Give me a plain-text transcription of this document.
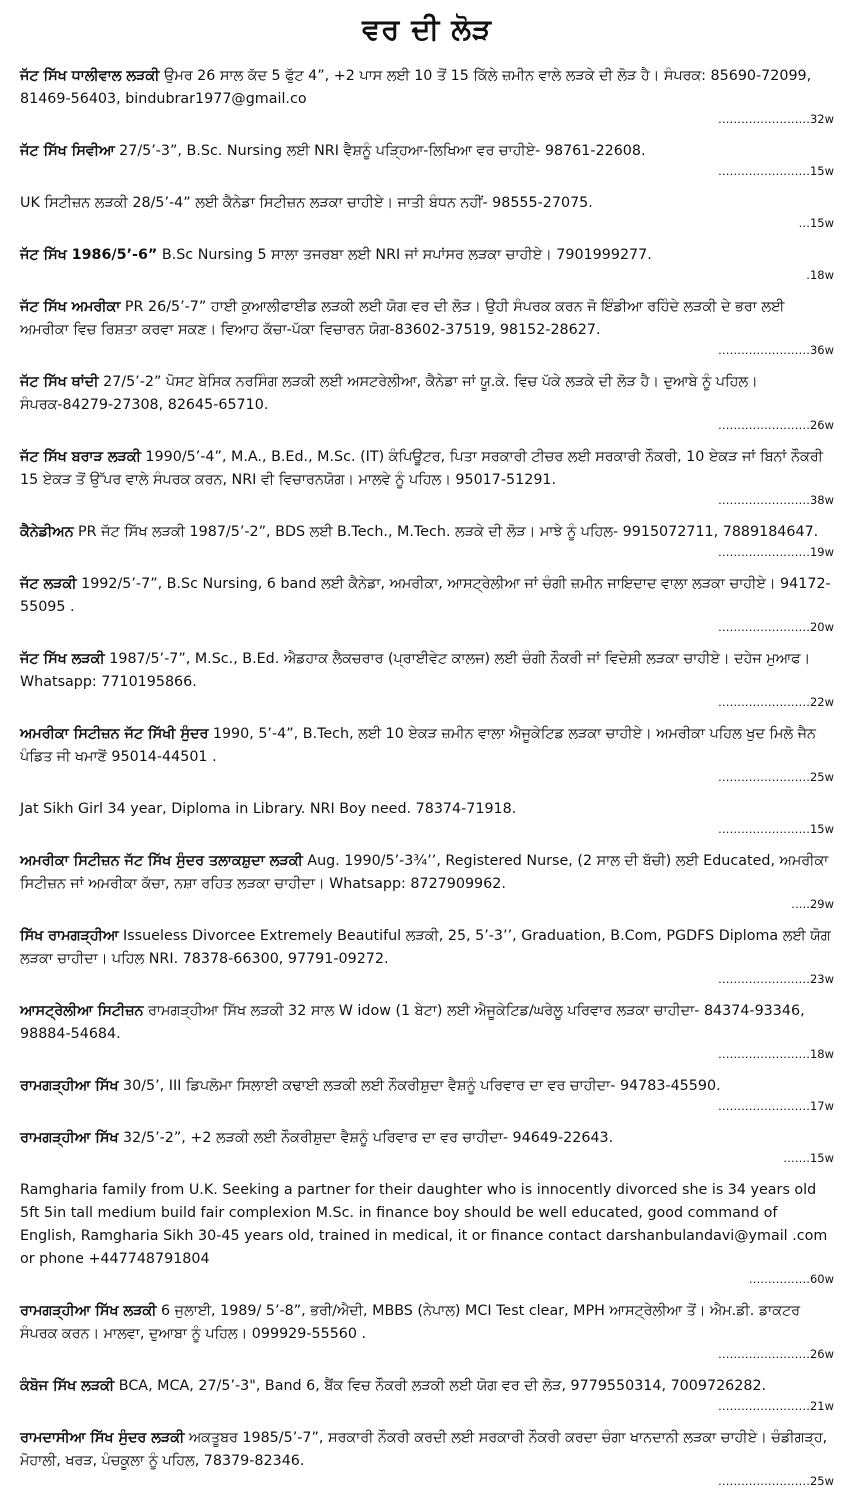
ਵਰ ਦੀ ਲੋੜ
ਜੱਟ ਸਿੱਖ ਧਾਲੀਵਾਲ ਲੜਕੀ ਉਮਰ 26 ਸਾਲ ਕੱਦ 5 ਫੁੱਟ 4”, +2 ਪਾਸ ਲਈ 10 ਤੋਂ 15 ਕਿੱਲੇ ਜ਼ਮੀਨ ਵਾਲੇ ਲੜਕੇ ਦੀ ਲੋੜ ਹੈ। ਸੰਪਰਕ: 85690-72099, 81469-56403, bindubrar1977@gmail.co
……………………32w
ਜੱਟ ਸਿੱਖ ਸਿਵੀਆ 27/5’-3”, B.Sc. Nursing ਲਈ NRI ਵੈਸ਼ਨੂੰ ਪੜ੍ਹਿਆ-ਲਿਖਿਆ ਵਰ ਚਾਹੀਏ- 98761-22608.
……………………15w
UK ਸਿਟੀਜ਼ਨ ਲੜਕੀ 28/5’-4” ਲਈ ਕੈਨੇਡਾ ਸਿਟੀਜ਼ਨ ਲੜਕਾ ਚਾਹੀਏ। ਜਾਤੀ ਬੰਧਨ ਨਹੀਂ- 98555-27075.
…15w
ਜੱਟ ਸਿੱਖ 1986/5’-6” B.Sc Nursing 5 ਸਾਲਾ ਤਜਰਬਾ ਲਈ NRI ਜਾਂ ਸਪਾਂਸਰ ਲੜਕਾ ਚਾਹੀਏ। 7901999277.
.18w
ਜੱਟ ਸਿੱਖ ਅਮਰੀਕਾ PR 26/5’-7” ਹਾਈ ਕੁਆਲੀਫਾਈਡ ਲੜਕੀ ਲਈ ਯੋਗ ਵਰ ਦੀ ਲੋੜ। ਉਹੀ ਸੰਪਰਕ ਕਰਨ ਜੋ ਇੰਡੀਆ ਰਹਿੰਦੇ ਲੜਕੀ ਦੇ ਭਰਾ ਲਈ ਅਮਰੀਕਾ ਵਿਚ ਰਿਸ਼ਤਾ ਕਰਵਾ ਸਕਣ। ਵਿਆਹ ਕੱਚਾ-ਪੱਕਾ ਵਿਚਾਰਨ ਯੋਗ-83602-37519, 98152-28627.
……………………36w
ਜੱਟ ਸਿੱਖ ਥਾਂਦੀ 27/5’-2” ਪੋਸਟ ਬੇਸਿਕ ਨਰਸਿੰਗ ਲੜਕੀ ਲਈ ਅਸਟਰੇਲੀਆ, ਕੈਨੇਡਾ ਜਾਂ ਯੂ.ਕੇ. ਵਿਚ ਪੱਕੇ ਲੜਕੇ ਦੀ ਲੋੜ ਹੈ। ਦੁਆਬੇ ਨੂੰ ਪਹਿਲ। ਸੰਪਰਕ-84279-27308, 82645-65710.
……………………26w
ਜੱਟ ਸਿੱਖ ਬਰਾੜ ਲੜਕੀ 1990/5’-4”, M.A., B.Ed., M.Sc. (IT) ਕੰਪਿਊਟਰ, ਪਿਤਾ ਸਰਕਾਰੀ ਟੀਚਰ ਲਈ ਸਰਕਾਰੀ ਨੌਕਰੀ, 10 ਏਕੜ ਜਾਂ ਬਿਨਾਂ ਨੌਕਰੀ 15 ਏਕੜ ਤੋਂ ਉੱਪਰ ਵਾਲੇ ਸੰਪਰਕ ਕਰਨ, NRI ਵੀ ਵਿਚਾਰਨਯੋਗ। ਮਾਲਵੇ ਨੂੰ ਪਹਿਲ। 95017-51291.
……………………38w
ਕੈਨੇਡੀਅਨ PR ਜੱਟ ਸਿੱਖ ਲੜਕੀ 1987/5’-2”, BDS ਲਈ B.Tech., M.Tech. ਲੜਕੇ ਦੀ ਲੋੜ। ਮਾਝੇ ਨੂੰ ਪਹਿਲ- 9915072711, 7889184647.
……………………19w
ਜੱਟ ਲੜਕੀ 1992/5’-7”, B.Sc Nursing, 6 band ਲਈ ਕੈਨੇਡਾ, ਅਮਰੀਕਾ, ਆਸਟ੍ਰੇਲੀਆ ਜਾਂ ਚੰਗੀ ਜ਼ਮੀਨ ਜਾਇਦਾਦ ਵਾਲਾ ਲੜਕਾ ਚਾਹੀਏ। 94172-55095 .
……………………20w
ਜੱਟ ਸਿੱਖ ਲੜਕੀ 1987/5’-7”, M.Sc., B.Ed. ਐਡਹਾਕ ਲੈਕਚਰਾਰ (ਪ੍ਰਾਈਵੇਟ ਕਾਲਜ) ਲਈ ਚੰਗੀ ਨੌਕਰੀ ਜਾਂ ਵਿਦੇਸ਼ੀ ਲੜਕਾ ਚਾਹੀਏ। ਦਹੇਜ ਮੁਆਫ। Whatsapp: 7710195866.
……………………22w
ਅਮਰੀਕਾ ਸਿਟੀਜ਼ਨ ਜੱਟ ਸਿੱਖੀ ਸੁੰਦਰ 1990, 5’-4”, B.Tech, ਲਈ 10 ਏਕੜ ਜ਼ਮੀਨ ਵਾਲਾ ਐਜੂਕੇਟਿਡ ਲੜਕਾ ਚਾਹੀਏ। ਅਮਰੀਕਾ ਪਹਿਲ ਖੁਦ ਮਿਲੋ ਜੈਨ ਪੰਡਿਤ ਜੀ ਖਮਾਣੋਂ 95014-44501 .
……………………25w
Jat Sikh Girl 34 year, Diploma in Library. NRI Boy need. 78374-71918.
……………………15w
ਅਮਰੀਕਾ ਸਿਟੀਜ਼ਨ ਜੱਟ ਸਿੱਖ ਸੁੰਦਰ ਤਲਾਕਸ਼ੁਦਾ ਲੜਕੀ Aug. 1990/5’-3¾’’, Registered Nurse, (2 ਸਾਲ ਦੀ ਬੱਚੀ) ਲਈ Educated, ਅਮਰੀਕਾ ਸਿਟੀਜ਼ਨ ਜਾਂ ਅਮਰੀਕਾ ਕੱਚਾ, ਨਸ਼ਾ ਰਹਿਤ ਲੜਕਾ ਚਾਹੀਦਾ। Whatsapp: 8727909962.
…..29w
ਸਿੱਖ ਰਾਮਗੜ੍ਹੀਆ Issueless Divorcee Extremely Beautiful ਲੜਕੀ, 25, 5’-3’’, Graduation, B.Com, PGDFS Diploma ਲਈ ਯੋਗ ਲੜਕਾ ਚਾਹੀਦਾ। ਪਹਿਲ NRI. 78378-66300, 97791-09272.
……………………23w
ਆਸਟ੍ਰੇਲੀਆ ਸਿਟੀਜ਼ਨ ਰਾਮਗੜ੍ਹੀਆ ਸਿੱਖ ਲੜਕੀ 32 ਸਾਲ W idow (1 ਬੇਟਾ) ਲਈ ਐਜੂਕੇਟਿਡ/ਘਰੇਲੂ ਪਰਿਵਾਰ ਲੜਕਾ ਚਾਹੀਦਾ- 84374-93346, 98884-54684.
……………………18w
ਰਾਮਗੜ੍ਹੀਆ ਸਿੱਖ 30/5’, III ਡਿਪਲੋਮਾ ਸਿਲਾਈ ਕਢਾਈ ਲੜਕੀ ਲਈ ਨੌਕਰੀਸ਼ੁਦਾ ਵੈਸ਼ਨੂੰ ਪਰਿਵਾਰ ਦਾ ਵਰ ਚਾਹੀਦਾ- 94783-45590.
……………………17w
ਰਾਮਗੜ੍ਹੀਆ ਸਿੱਖ 32/5’-2”, +2 ਲੜਕੀ ਲਈ ਨੌਕਰੀਸ਼ੁਦਾ ਵੈਸ਼ਨੂੰ ਪਰਿਵਾਰ ਦਾ ਵਰ ਚਾਹੀਦਾ- 94649-22643.
…….15w
Ramgharia family from U.K. Seeking a partner for their daughter who is innocently divorced she is 34 years old 5ft 5in tall medium build fair complexion M.Sc. in finance boy should be well educated, good command of English, Ramgharia Sikh 30-45 years old, trained in medical, it or finance contact darshanbulandavi@ymail .com or phone +447748791804
…………….60w
ਰਾਮਗੜ੍ਹੀਆ ਸਿੱਖ ਲੜਕੀ 6 ਜੁਲਾਈ, 1989/ 5’-8”, ਭਰੀ/ਐਦੀ, MBBS (ਨੇਪਾਲ) MCI Test clear, MPH ਆਸਟ੍ਰੇਲੀਆ ਤੋਂ। ਐਮ.ਡੀ. ਡਾਕਟਰ ਸੰਪਰਕ ਕਰਨ। ਮਾਲਵਾ, ਦੁਆਬਾ ਨੂੰ ਪਹਿਲ। 099929-55560 .
……………………26w
ਕੰਬੋਜ ਸਿੱਖ ਲੜਕੀ BCA, MCA, 27/5’-3", Band 6, ਬੈਂਕ ਵਿਚ ਨੌਕਰੀ ਲੜਕੀ ਲਈ ਯੋਗ ਵਰ ਦੀ ਲੋੜ, 9779550314, 7009726282.
……………………21w
ਰਾਮਦਾਸੀਆ ਸਿੱਖ ਸੁੰਦਰ ਲੜਕੀ ਅਕਤੂਬਰ 1985/5’-7”, ਸਰਕਾਰੀ ਨੌਕਰੀ ਕਰਦੀ ਲਈ ਸਰਕਾਰੀ ਨੌਕਰੀ ਕਰਦਾ ਚੰਗਾ ਖਾਨਦਾਨੀ ਲੜਕਾ ਚਾਹੀਏ। ਚੰਡੀਗੜ੍ਹ, ਮੋਹਾਲੀ, ਖਰੜ, ਪੰਚਕੂਲਾ ਨੂੰ ਪਹਿਲ, 78379-82346.
……………………25w
